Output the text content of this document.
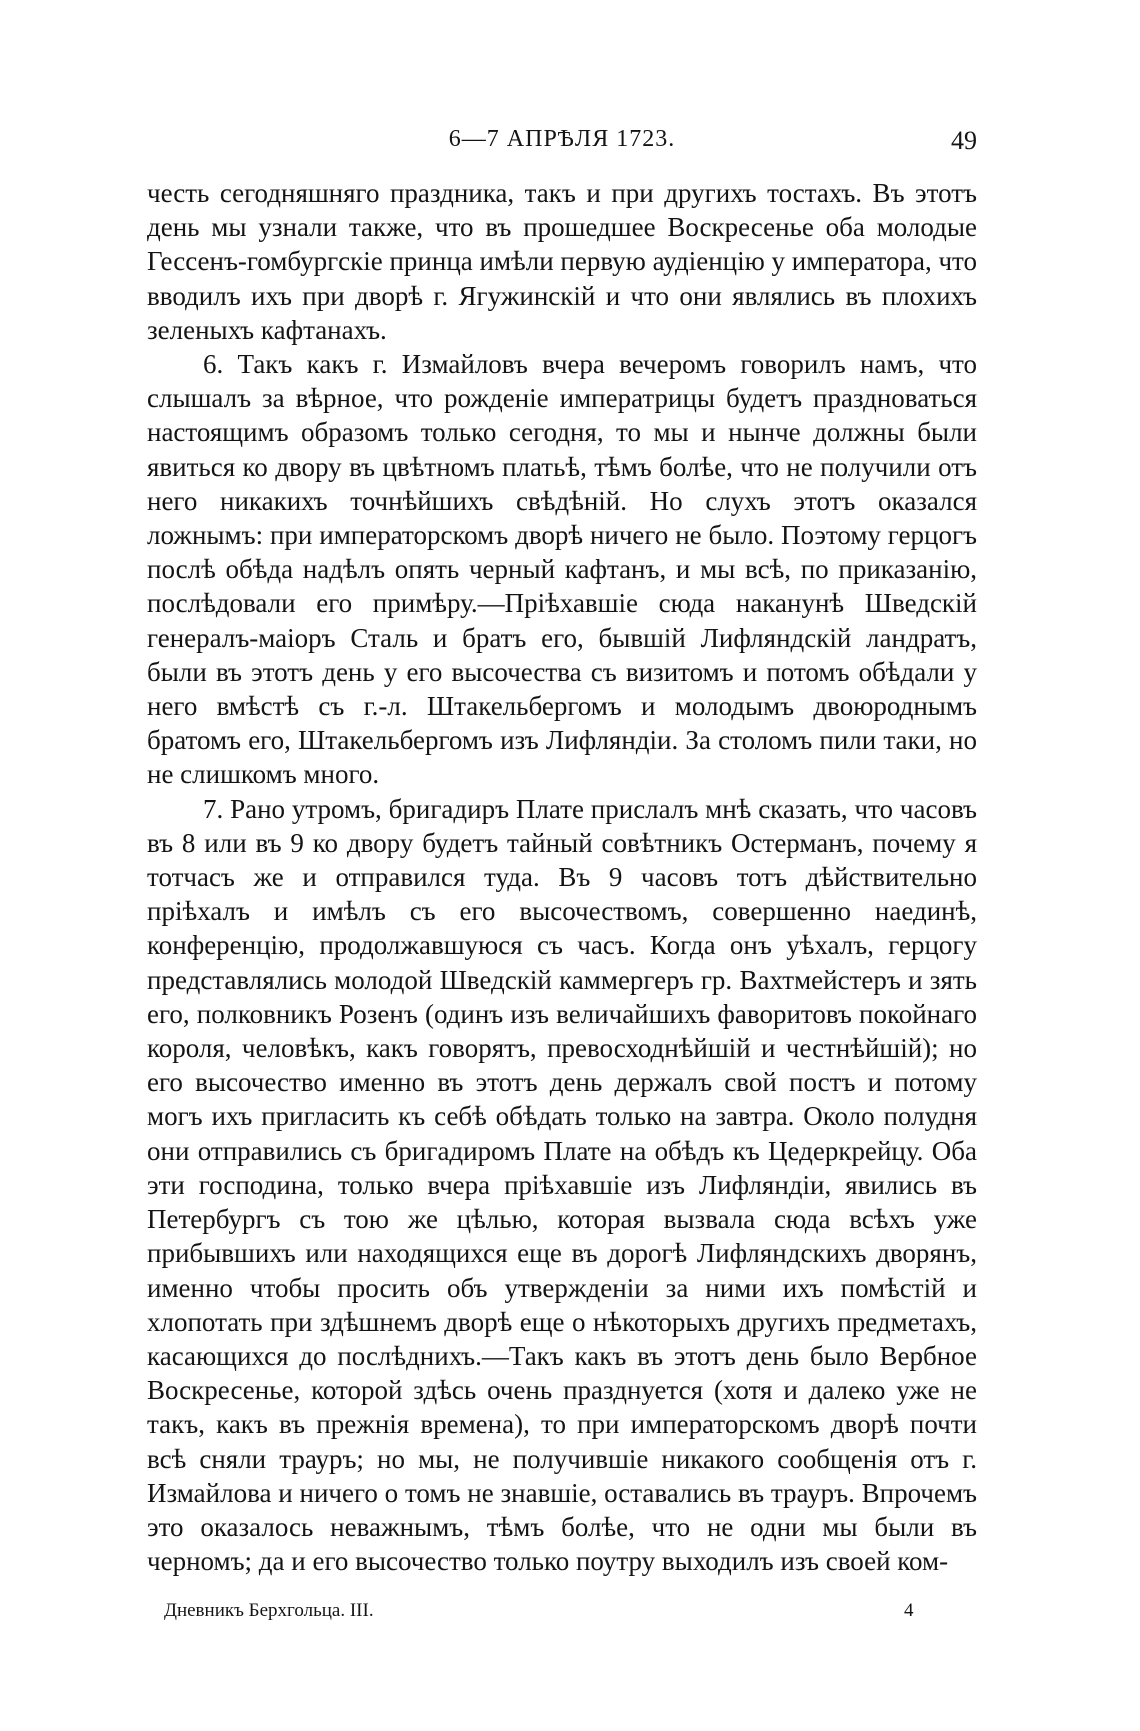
6—7 АПРѢЛЯ 1723.	49

честь сегодняшняго праздника, такъ и при другихъ тостахъ. Въ этотъ день мы узнали также, что въ прошедшее Воскресенье оба молодые Гессенъ-гомбургскіе принца имѣли первую аудіенцію у императора, что вводилъ ихъ при дворѣ г. Ягужинскій и что они являлись въ плохихъ зеленыхъ кафтанахъ.

6. Такъ какъ г. Измайловъ вчера вечеромъ говорилъ намъ, что слышалъ за вѣрное, что рожденіе императрицы будетъ праздноваться настоящимъ образомъ только сегодня, то мы и нынче должны были явиться ко двору въ цвѣтномъ платьѣ, тѣмъ болѣе, что не получили отъ него никакихъ точнѣйшихъ свѣдѣній. Но слухъ этотъ оказался ложнымъ: при императорскомъ дворѣ ничего не было. Поэтому герцогъ послѣ обѣда надѣлъ опять черный кафтанъ, и мы всѣ, по приказанію, послѣдовали его примѣру.—Пріѣхавшіе сюда наканунѣ Шведскій генералъ-маіоръ Сталь и братъ его, бывшій Лифляндскій ландратъ, были въ этотъ день у его высочества съ визитомъ и потомъ обѣдали у него вмѣстѣ съ г.-л. Штакельбергомъ и молодымъ двоюроднымъ братомъ его, Штакельбергомъ изъ Лифляндіи. За столомъ пили таки, но не слишкомъ много.

7. Рано утромъ, бригадиръ Плате прислалъ мнѣ сказать, что часовъ въ 8 или въ 9 ко двору будетъ тайный совѣтникъ Остерманъ, почему я тотчасъ же и отправился туда. Въ 9 часовъ тотъ дѣйствительно пріѣхалъ и имѣлъ съ его высочествомъ, совершенно наединѣ, конференцію, продолжавшуюся съ часъ. Когда онъ уѣхалъ, герцогу представлялись молодой Шведскій каммергеръ гр. Вахтмейстеръ и зять его, полковникъ Розенъ (одинъ изъ величайшихъ фаворитовъ покойнаго короля, человѣкъ, какъ говорятъ, превосходнѣйшій и честнѣйшій); но его высочество именно въ этотъ день держалъ свой постъ и потому могъ ихъ пригласить къ себѣ обѣдать только на завтра. Около полудня они отправились съ бригадиромъ Плате на обѣдъ къ Цедеркрейцу. Оба эти господина, только вчера пріѣхавшіе изъ Лифляндіи, явились въ Петербургъ съ тою же цѣлью, которая вызвала сюда всѣхъ уже прибывшихъ или находящихся еще въ дорогѣ Лифляндскихъ дворянъ, именно чтобы просить объ утвержденіи за ними ихъ помѣстій и хлопотать при здѣшнемъ дворѣ еще о нѣкоторыхъ другихъ предметахъ, касающихся до послѣднихъ.—Такъ какъ въ этотъ день было Вербное Воскресенье, которой здѣсь очень празднуется (хотя и далеко уже не такъ, какъ въ прежнія времена), то при императорскомъ дворѣ почти всѣ сняли трауръ; но мы, не получившіе никакого сообщенія отъ г. Измайлова и ничего о томъ не знавшіе, оставались въ трауръ. Впрочемъ это оказалось неважнымъ, тѣмъ болѣе, что не одни мы были въ черномъ; да и его высочество только поутру выходилъ изъ своей ком-

Дневникъ Берхгольца. III.	4
